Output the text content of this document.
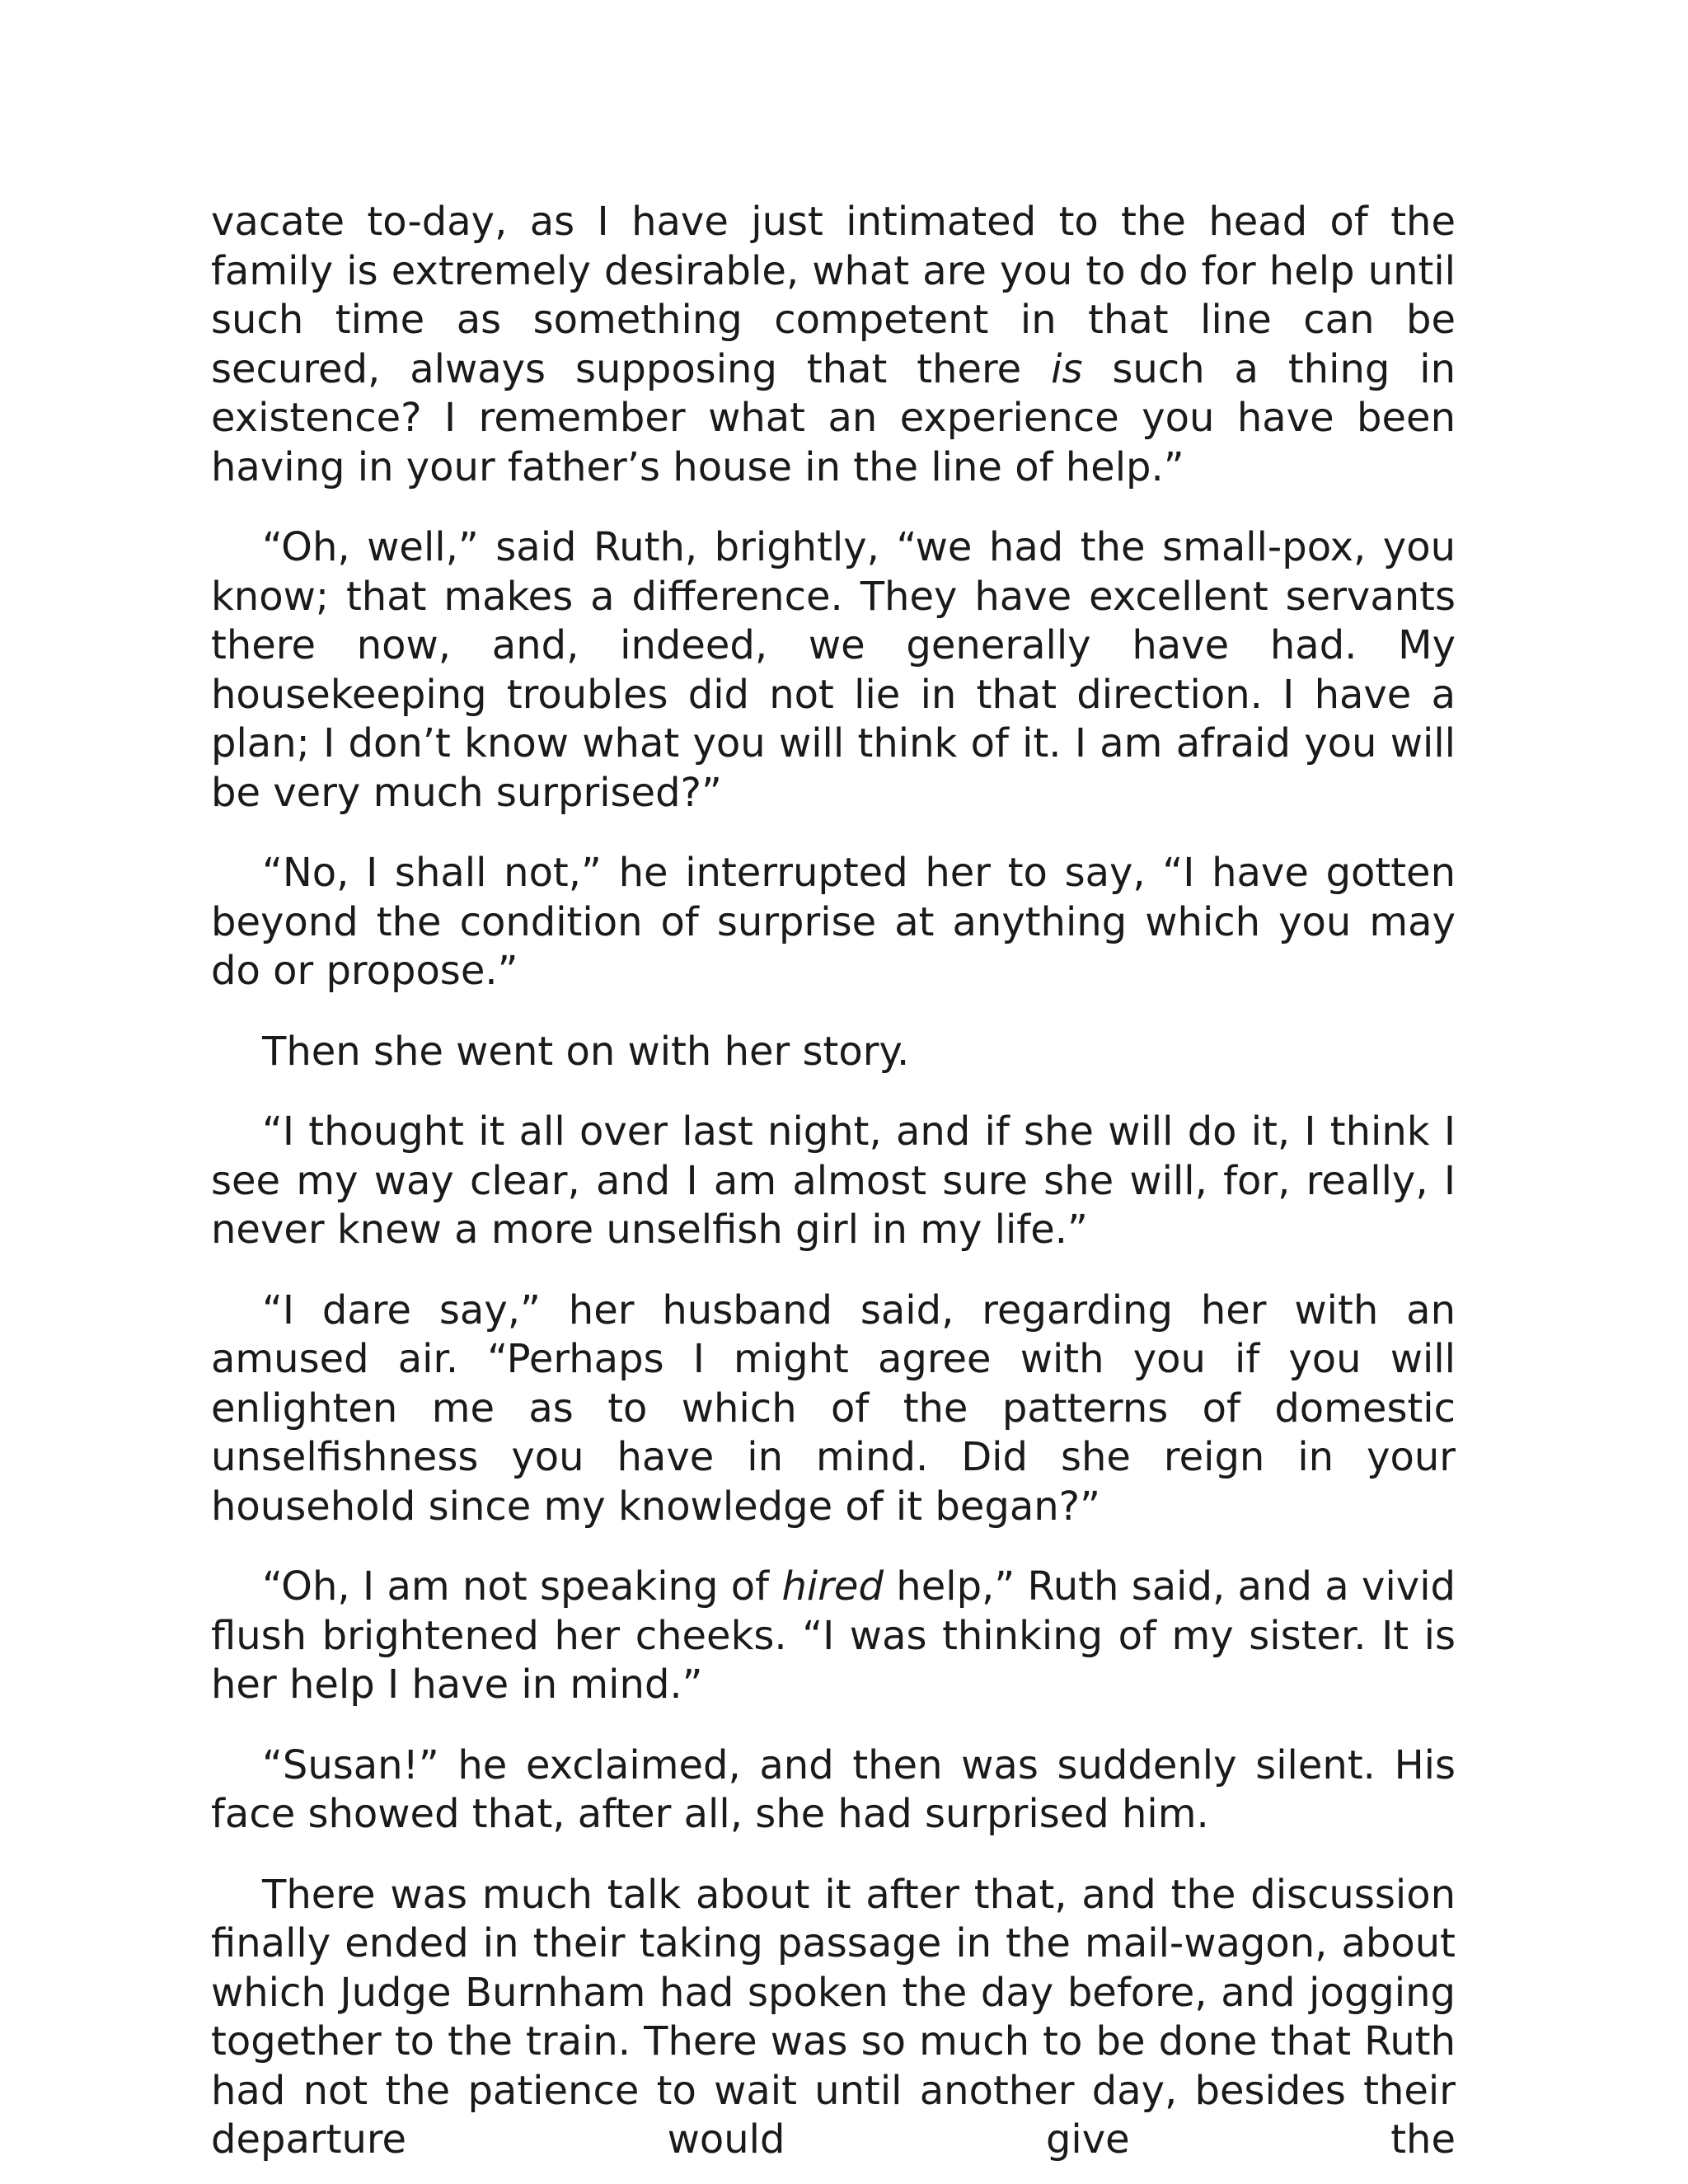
vacate to-day, as I have just intimated to the head of the family is extremely desirable, what are you to do for help until such time as something competent in that line can be secured, always supposing that there is such a thing in existence? I remember what an experience you have been having in your father’s house in the line of help.”

“Oh, well,” said Ruth, brightly, “we had the small-pox, you know; that makes a difference. They have excellent servants there now, and, indeed, we generally have had. My housekeeping troubles did not lie in that direction. I have a plan; I don’t know what you will think of it. I am afraid you will be very much surprised?”

“No, I shall not,” he interrupted her to say, “I have gotten beyond the condition of surprise at anything which you may do or propose.”

Then she went on with her story.

“I thought it all over last night, and if she will do it, I think I see my way clear, and I am almost sure she will, for, really, I never knew a more unselfish girl in my life.”

“I dare say,” her husband said, regarding her with an amused air. “Perhaps I might agree with you if you will enlighten me as to which of the patterns of domestic unselfishness you have in mind. Did she reign in your household since my knowledge of it began?”

“Oh, I am not speaking of hired help,” Ruth said, and a vivid flush brightened her cheeks. “I was thinking of my sister. It is her help I have in mind.”

“Susan!” he exclaimed, and then was suddenly silent. His face showed that, after all, she had surprised him.

There was much talk about it after that, and the discussion finally ended in their taking passage in the mail-wagon, about which Judge Burnham had spoken the day before, and jogging together to the train. There was so much to be done that Ruth had not the patience to wait until another day, besides their departure would give the
